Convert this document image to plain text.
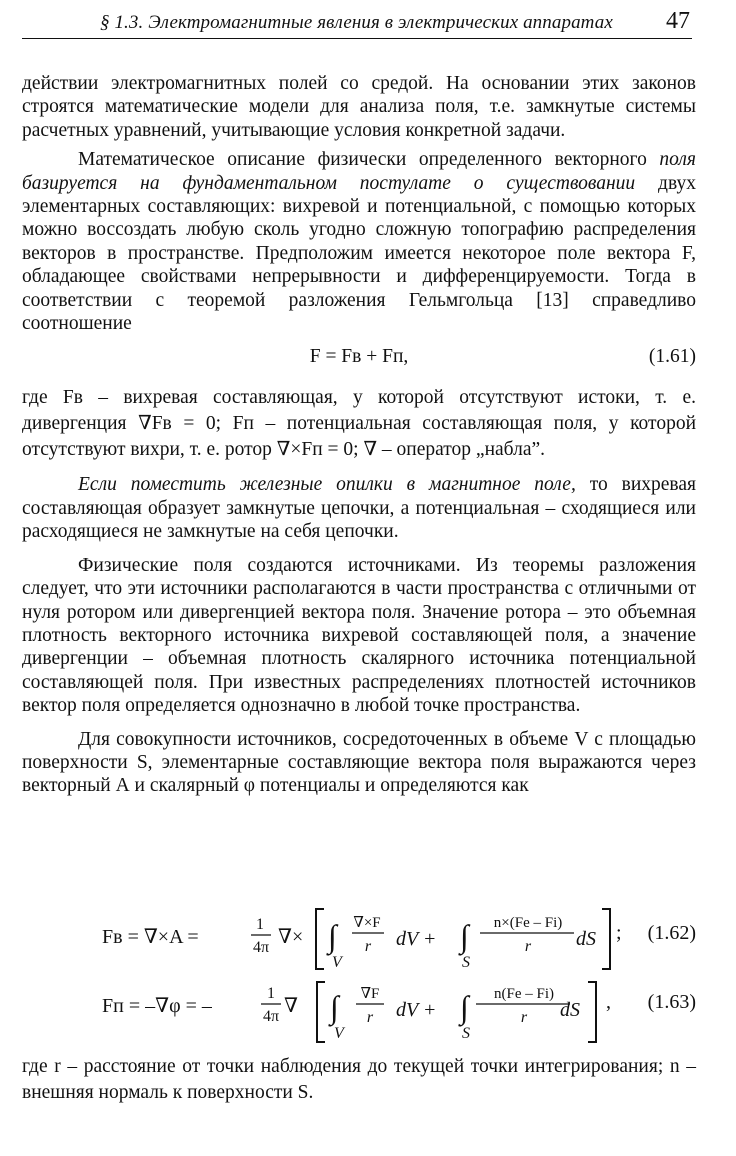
§ 1.3. Электромагнитные явления в электрических аппаратах 47

действии электромагнитных полей со средой. На основании этих законов строятся математические модели для анализа поля, т.е. замкнутые системы расчетных уравнений, учитывающие условия конкретной задачи.

Математическое описание физически определенного векторного поля базируется на фундаментальном постулате о существовании двух элементарных составляющих: вихревой и потенциальной, с помощью которых можно воссоздать любую сколь угодно сложную топографию распределения векторов в пространстве. Предположим имеется некоторое поле вектора F, обладающее свойствами непрерывности и дифференцируемости. Тогда в соответствии с теоремой разложения Гельмгольца [13] справедливо соотношение

F = Fв + Fп,	(1.61)

где Fв – вихревая составляющая, у которой отсутствуют истоки, т. е. дивергенция ∇Fв = 0; Fп – потенциальная составляющая поля, у которой отсутствуют вихри, т. е. ротор ∇×Fп = 0; ∇ – оператор „набла”.

Если поместить железные опилки в магнитное поле, то вихревая составляющая образует замкнутые цепочки, а потенциальная – сходящиеся или расходящиеся не замкнутые на себя цепочки.

Физические поля создаются источниками. Из теоремы разложения следует, что эти источники располагаются в части пространства с отличными от нуля ротором или дивергенцией вектора поля. Значение ротора – это объемная плотность векторного источника вихревой составляющей поля, а значение дивергенции – объемная плотность скалярного источника потенциальной составляющей поля. При известных распределениях плотностей источников вектор поля определяется однозначно в любой точке пространства.

Для совокупности источников, сосредоточенных в объеме V с площадью поверхности S, элементарные составляющие вектора поля выражаются через векторный А и скалярный φ потенциалы и определяются как

Fв = ∇×A =
1
4π ∇× ∫
V
∇×F
r dV + ∫
S
n×(Fe – Fi)
r dS ; (1.62)
Fп = –∇φ = –
1
4π ∇ ∫
V
∇F
r dV + ∫
S
n(Fe – Fi)
r dS , (1.63)

где r – расстояние от точки наблюдения до текущей точки интегрирования; n – внешняя нормаль к поверхности S.
